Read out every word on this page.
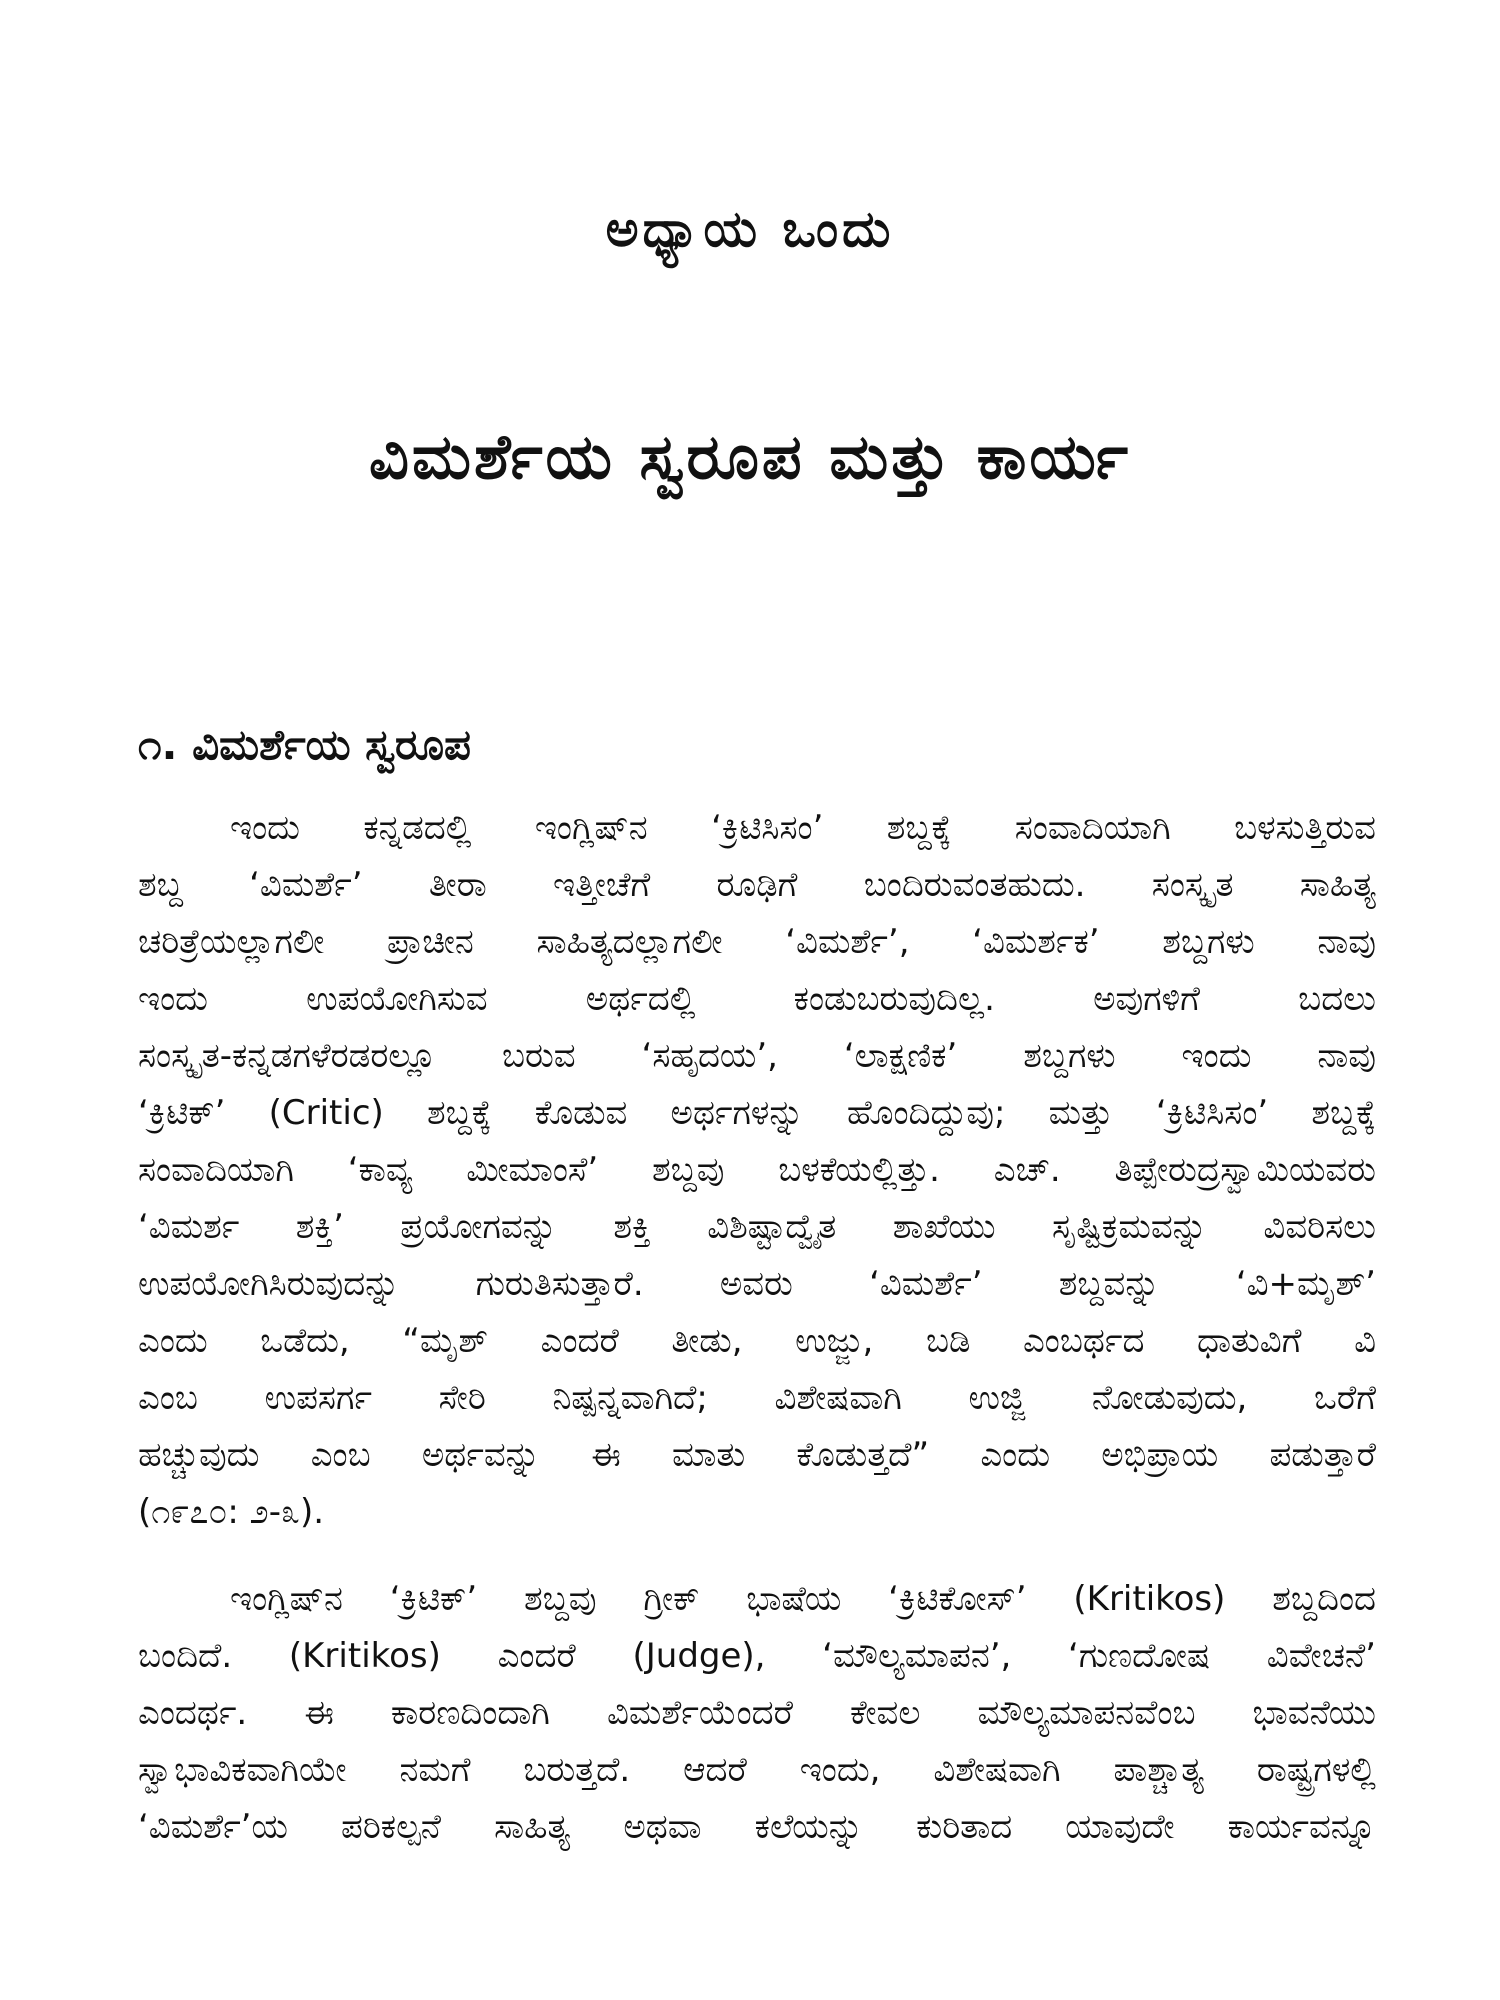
ಅಧ್ಯಾಯ ಒಂದು
ವಿಮರ್ಶೆಯ ಸ್ವರೂಪ ಮತ್ತು ಕಾರ್ಯ
೧. ವಿಮರ್ಶೆಯ ಸ್ವರೂಪ
ಇಂದು ಕನ್ನಡದಲ್ಲಿ ಇಂಗ್ಲಿಷ್‌ನ ‘ಕ್ರಿಟಿಸಿಸಂ’ ಶಬ್ದಕ್ಕೆ ಸಂವಾದಿಯಾಗಿ ಬಳಸುತ್ತಿರುವ
ಶಬ್ದ ‘ವಿಮರ್ಶೆ’ ತೀರಾ ಇತ್ತೀಚೆಗೆ ರೂಢಿಗೆ ಬಂದಿರುವಂತಹುದು. ಸಂಸ್ಕೃತ ಸಾಹಿತ್ಯ
ಚರಿತ್ರೆಯಲ್ಲಾಗಲೀ ಪ್ರಾಚೀನ ಸಾಹಿತ್ಯದಲ್ಲಾಗಲೀ ‘ವಿಮರ್ಶೆ’, ‘ವಿಮರ್ಶಕ’ ಶಬ್ದಗಳು ನಾವು
ಇಂದು ಉಪಯೋಗಿಸುವ ಅರ್ಥದಲ್ಲಿ ಕಂಡುಬರುವುದಿಲ್ಲ. ಅವುಗಳಿಗೆ ಬದಲು
ಸಂಸ್ಕೃತ-ಕನ್ನಡಗಳೆರಡರಲ್ಲೂ ಬರುವ ‘ಸಹೃದಯ’, ‘ಲಾಕ್ಷಣಿಕ’ ಶಬ್ದಗಳು ಇಂದು ನಾವು
‘ಕ್ರಿಟಿಕ್’ (Critic) ಶಬ್ದಕ್ಕೆ ಕೊಡುವ ಅರ್ಥಗಳನ್ನು ಹೊಂದಿದ್ದುವು; ಮತ್ತು ‘ಕ್ರಿಟಿಸಿಸಂ’ ಶಬ್ದಕ್ಕೆ
ಸಂವಾದಿಯಾಗಿ ‘ಕಾವ್ಯ ಮೀಮಾಂಸೆ’ ಶಬ್ದವು ಬಳಕೆಯಲ್ಲಿತ್ತು. ಎಚ್. ತಿಪ್ಪೇರುದ್ರಸ್ವಾಮಿಯವರು
‘ವಿಮರ್ಶ ಶಕ್ತಿ’ ಪ್ರಯೋಗವನ್ನು ಶಕ್ತಿ ವಿಶಿಷ್ಟಾದ್ವೈತ ಶಾಖೆಯು ಸೃಷ್ಟಿಕ್ರಮವನ್ನು ವಿವರಿಸಲು
ಉಪಯೋಗಿಸಿರುವುದನ್ನು ಗುರುತಿಸುತ್ತಾರೆ. ಅವರು ‘ವಿಮರ್ಶೆ’ ಶಬ್ದವನ್ನು ‘ವಿ+ಮೃಶ್’
ಎಂದು ಒಡೆದು, “ಮೃಶ್ ಎಂದರೆ ತೀಡು, ಉಜ್ಜು, ಬಡಿ ಎಂಬರ್ಥದ ಧಾತುವಿಗೆ ವಿ
ಎಂಬ ಉಪಸರ್ಗ ಸೇರಿ ನಿಷ್ಪನ್ನವಾಗಿದೆ; ವಿಶೇಷವಾಗಿ ಉಜ್ಜಿ ನೋಡುವುದು, ಒರೆಗೆ
ಹಚ್ಚುವುದು ಎಂಬ ಅರ್ಥವನ್ನು ಈ ಮಾತು ಕೊಡುತ್ತದೆ” ಎಂದು ಅಭಿಪ್ರಾಯ ಪಡುತ್ತಾರೆ
(೧೯೭೦: ೨-೩).
ಇಂಗ್ಲಿಷ್‌ನ ‘ಕ್ರಿಟಿಕ್’ ಶಬ್ದವು ಗ್ರೀಕ್ ಭಾಷೆಯ ‘ಕ್ರಿಟಿಕೋಸ್’ (Kritikos) ಶಬ್ದದಿಂದ
ಬಂದಿದೆ. (Kritikos) ಎಂದರೆ (Judge), ‘ಮೌಲ್ಯಮಾಪನ’, ‘ಗುಣದೋಷ ವಿವೇಚನೆ’
ಎಂದರ್ಥ. ಈ ಕಾರಣದಿಂದಾಗಿ ವಿಮರ್ಶೆಯೆಂದರೆ ಕೇವಲ ಮೌಲ್ಯಮಾಪನವೆಂಬ ಭಾವನೆಯು
ಸ್ವಾಭಾವಿಕವಾಗಿಯೇ ನಮಗೆ ಬರುತ್ತದೆ. ಆದರೆ ಇಂದು, ವಿಶೇಷವಾಗಿ ಪಾಶ್ಚಾತ್ಯ ರಾಷ್ಟ್ರಗಳಲ್ಲಿ
‘ವಿಮರ್ಶೆ’ಯ ಪರಿಕಲ್ಪನೆ ಸಾಹಿತ್ಯ ಅಥವಾ ಕಲೆಯನ್ನು ಕುರಿತಾದ ಯಾವುದೇ ಕಾರ್ಯವನ್ನೂ
